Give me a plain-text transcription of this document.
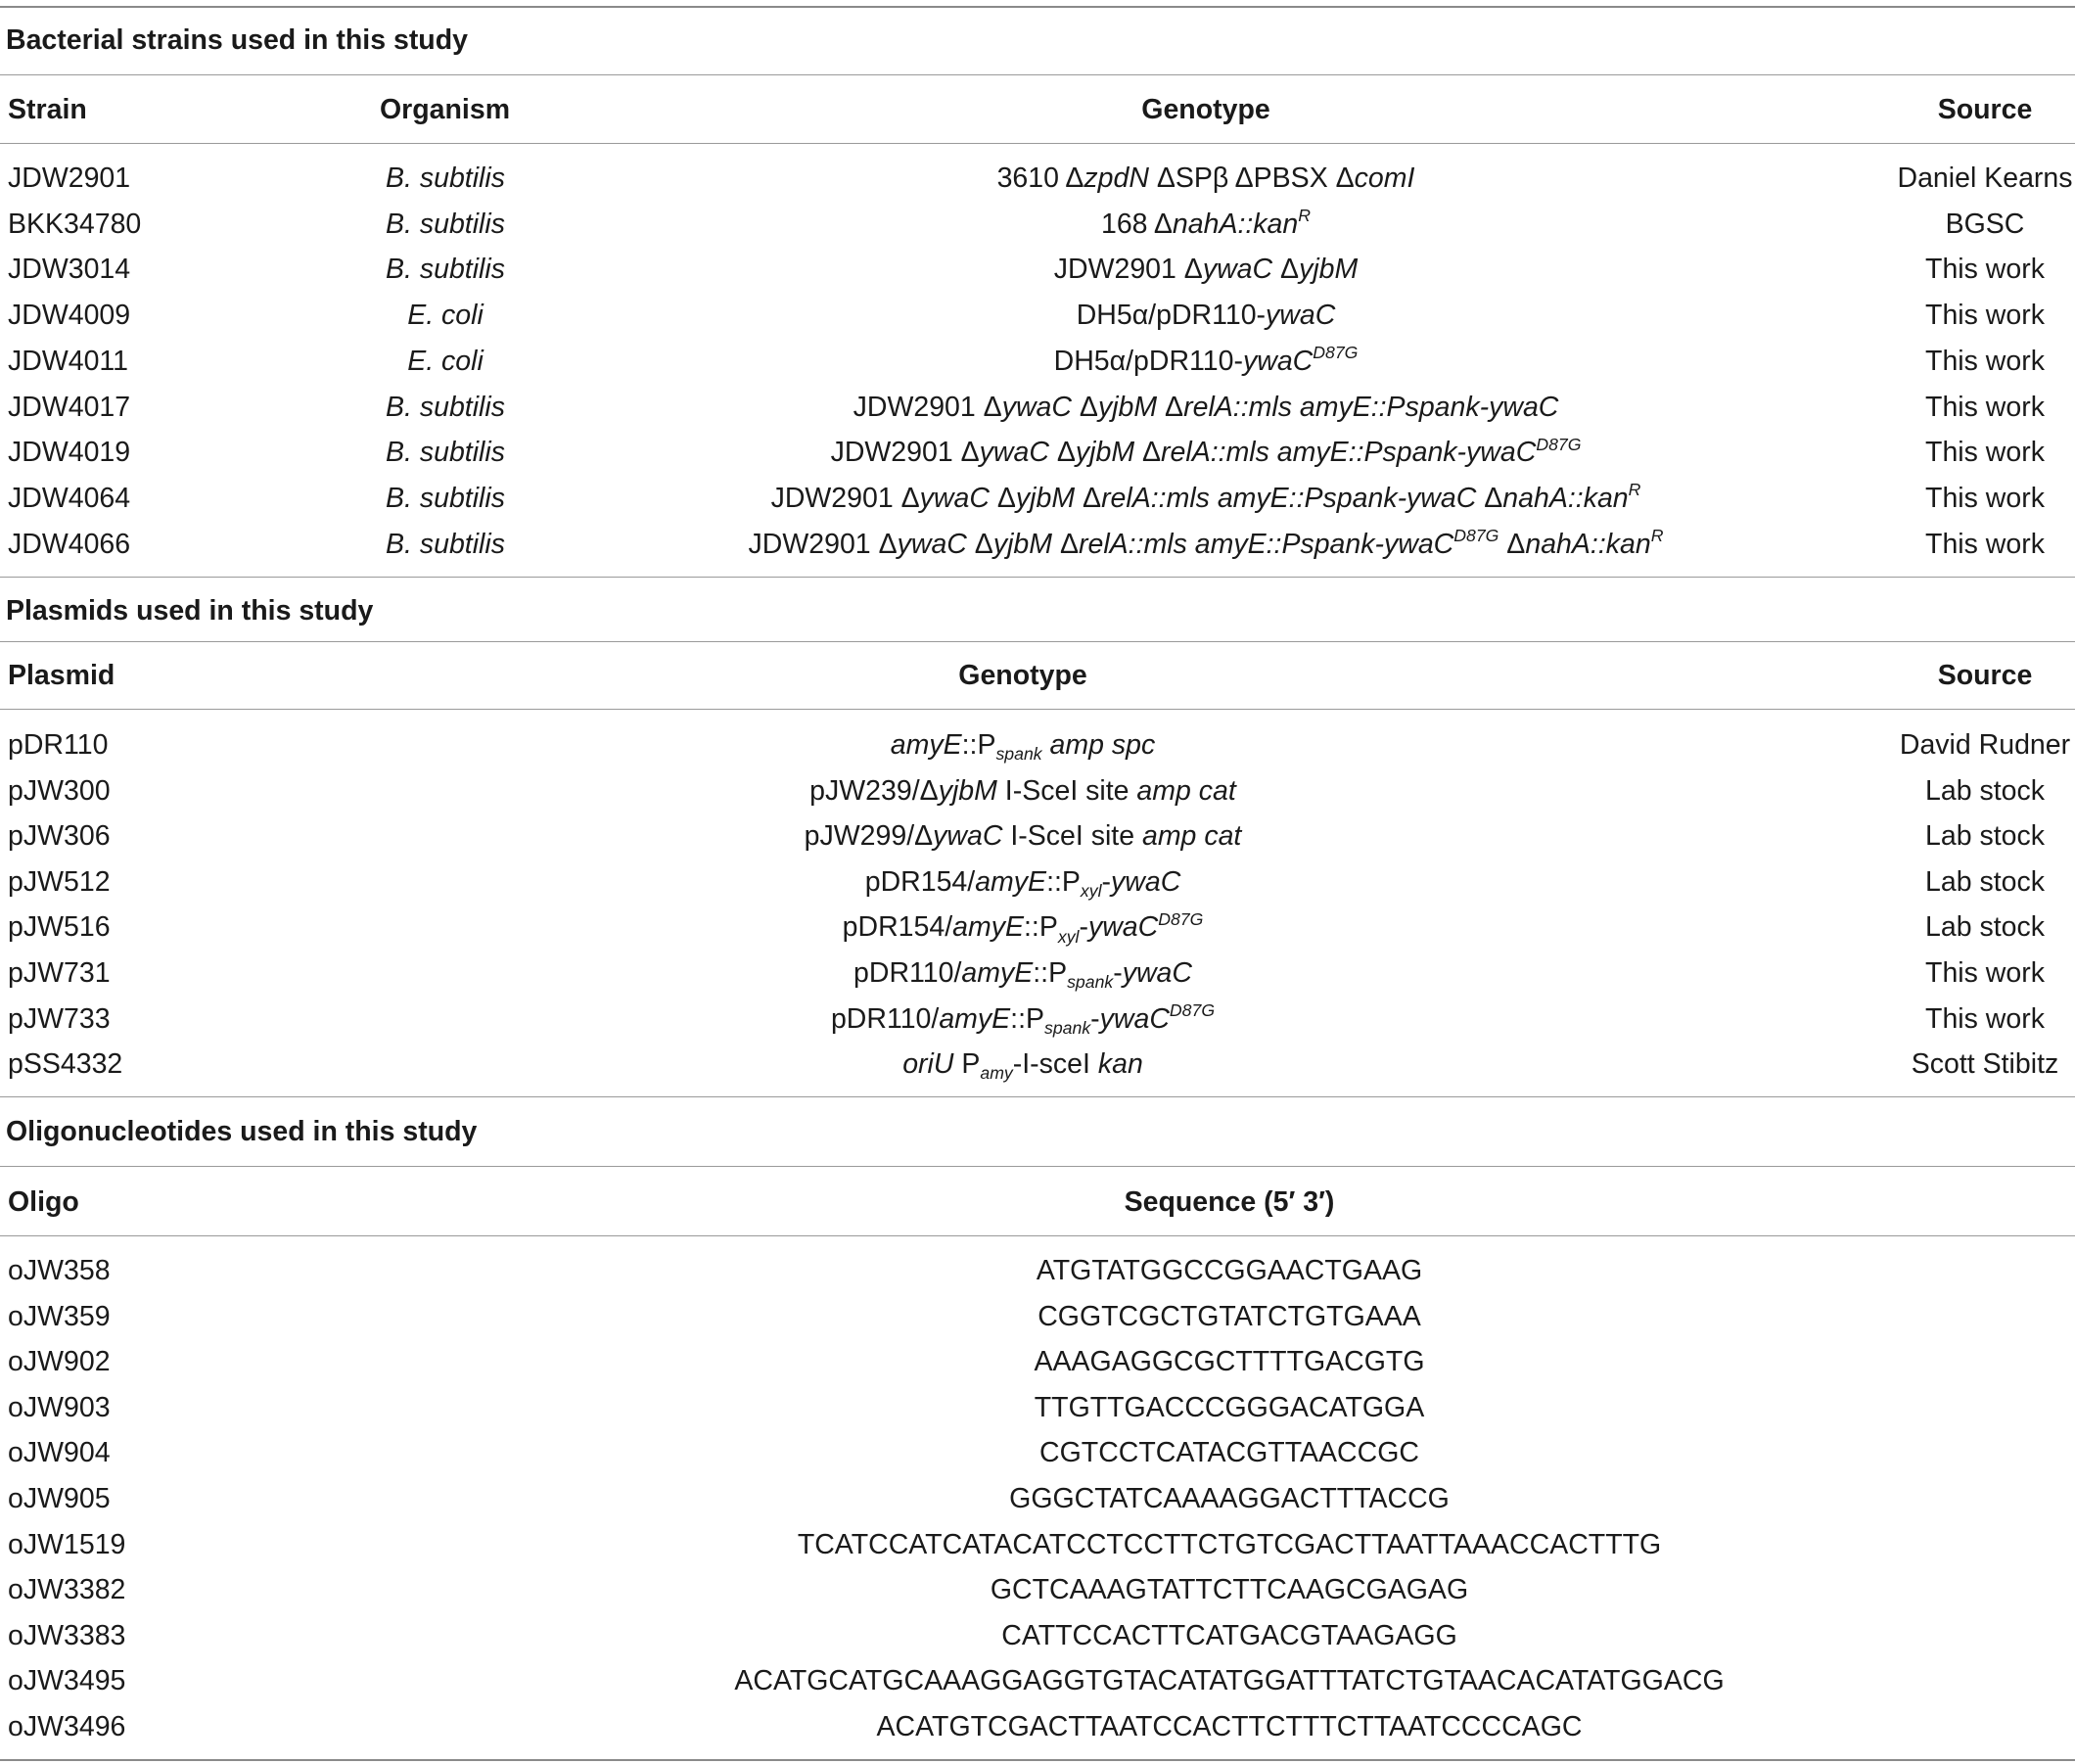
Bacterial strains used in this study
Strain	Organism	Genotype	Source
JDW2901	B. subtilis	3610 ΔzpdN ΔSPβ ΔPBSX ΔcomI	Daniel Kearns
BKK34780	B. subtilis	168 ΔnahA::kan$^R$	BGSC
JDW3014	B. subtilis	JDW2901 ΔywaC ΔyjbM	This work
JDW4009	E. coli	DH5α/pDR110-ywaC	This work
JDW4011	E. coli	DH5α/pDR110-ywaC$^{D87G}$	This work
JDW4017	B. subtilis	JDW2901 ΔywaC ΔyjbM ΔrelA::mls amyE::Pspank-ywaC	This work
JDW4019	B. subtilis	JDW2901 ΔywaC ΔyjbM ΔrelA::mls amyE::Pspank-ywaC$^{D87G}$	This work
JDW4064	B. subtilis	JDW2901 ΔywaC ΔyjbM ΔrelA::mls amyE::Pspank-ywaC ΔnahA::kan$^R$	This work
JDW4066	B. subtilis	JDW2901 ΔywaC ΔyjbM ΔrelA::mls amyE::Pspank-ywaC$^{D87G}$ ΔnahA::kan$^R$	This work
Plasmids used in this study
Plasmid	Genotype	Source
pDR110	$amyE::P_{spank}$ amp spc	David Rudner
pJW300	pJW239/ΔyjbM I-SceI site amp cat	Lab stock
pJW306	pJW299/ΔywaC I-SceI site amp cat	Lab stock
pJW512	$pDR154/amyE::P_{xyl}$-ywaC	Lab stock
pJW516	$pDR154/amyE::P_{xyl}-ywaC^{D87G}$	Lab stock
pJW731	$pDR110/amyE::P_{spank}$-ywaC	This work
pJW733	$pDR110/amyE::P_{spank}-ywaC^{D87G}$	This work
pSS4332	oriU $P_{amy}-I$-sceI kan	Scott Stibitz
Oligonucleotides used in this study
Oligo	Sequence (5′ 3′)
oJW358	ATGTATGGCCGGAACTGAAG
oJW359	CGGTCGCTGTATCTGTGAAA
oJW902	AAAGAGGCGCTTTTGACGTG
oJW903	TTGTTGACCCGGGACATGGA
oJW904	CGTCCTCATACGTTAACCGC
oJW905	GGGCTATCAAAAGGACTTTACCG
oJW1519	TCATCCATCATACATCCTCCTTCTGTCGACTTAATTAAACCACTTTG
oJW3382	GCTCAAAGTATTCTTCAAGCGAGAG
oJW3383	CATTCCACTTCATGACGTAAGAGG
oJW3495	ACATGCATGCAAAGGAGGTGTACATATGGATTTATCTGTAACACATATGGACG
oJW3496	ACATGTCGACTTAATCCACTTCTTTCTTAATCCCCAGC
